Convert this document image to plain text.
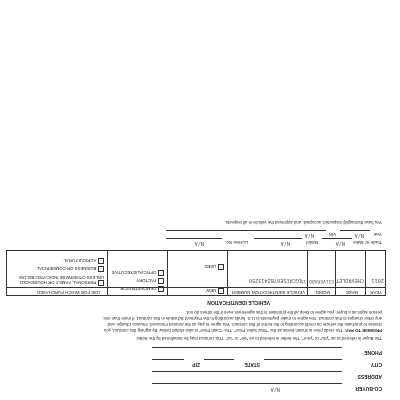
CO-BUYER
N/A
ADDRESS
CITY
STATE
ZIP
PHONE
The Buyer is referred to as "you" or "your". The Seller is referred to as "we" or "us". This contract may be transferred by the Seller.
PROMISE TO PAY:
The credit price is shown below as the "Total Sales Price". The "Cash Price" is also shown below. By signing this contract, you
choose to purchase the vehicle on credit according to the terms of this contract. You agree to pay us the Amount Financed, Finance Charge, and
any other charges in this contract. You agree to make payments in U.S. funds according to the Payment Schedule in this contract. If more than one
person signs as a buyer, you agree to keep all the promises in this agreement even if the others do not.
VEHICLE IDENTIFICATION
YEAR
MAKE
MODEL
VEHICLE IDENTIFICATION NUMBER
USE FOR WHICH PURCHASED
2011
CHEVROLET
SILVERADO 15
1GCRCSE07BZ413250
NEW
USED
DEMONSTRATOR
FACTORY
OFFICIAL/EXECUTIVE
PERSONAL, FAMILY OR HOUSEHOLD, UNLESS OTHERWISE INDICATED BELOW
BUSINESS OR COMMERCIAL
AGRICULTURAL
Trade-In: Make
N/A
Model
N/A
License No.
N/A
Year
N/A
VIN
N/A
You have thoroughly inspected, accepted, and approved the vehicle in all respects.
